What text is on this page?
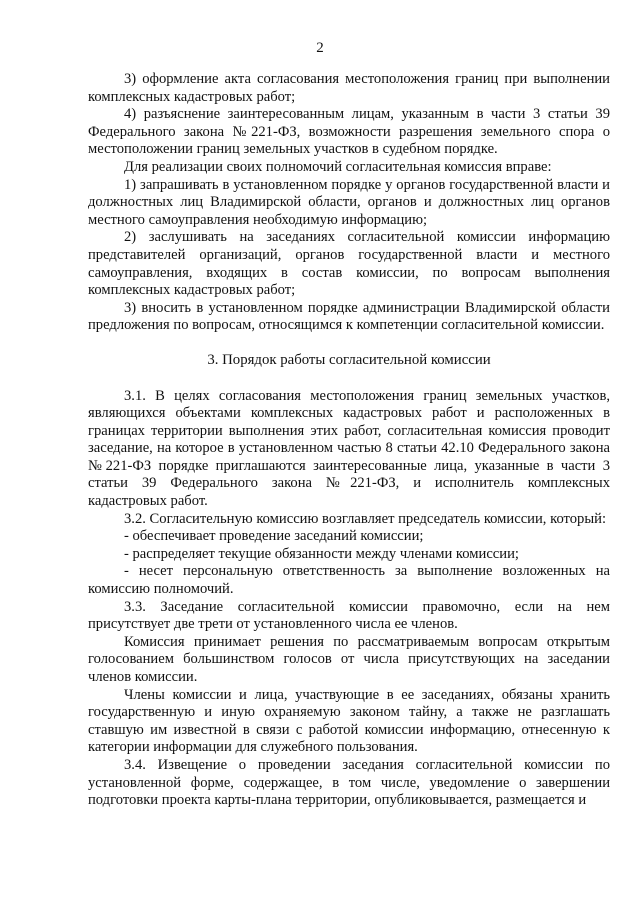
2

3) оформление акта согласования местоположения границ при выполнении комплексных кадастровых работ;

4) разъяснение заинтересованным лицам, указанным в части 3 статьи 39 Федерального закона №221-ФЗ, возможности разрешения земельного спора о местоположении границ земельных участков в судебном порядке.

Для реализации своих полномочий согласительная комиссия вправе:

1) запрашивать в установленном порядке у органов государственной власти и должностных лиц Владимирской области, органов и должностных лиц органов местного самоуправления необходимую информацию;

2) заслушивать на заседаниях согласительной комиссии информацию представителей организаций, органов государственной власти и местного самоуправления, входящих в состав комиссии, по вопросам выполнения комплексных кадастровых работ;

3) вносить в установленном порядке администрации Владимирской области предложения по вопросам, относящимся к компетенции согласительной комиссии.

3. Порядок работы согласительной комиссии

3.1. В целях согласования местоположения границ земельных участков, являющихся объектами комплексных кадастровых работ и расположенных в границах территории выполнения этих работ, согласительная комиссия проводит заседание, на которое в установленном частью 8 статьи 42.10 Федерального закона №221-ФЗ порядке приглашаются заинтересованные лица, указанные в части 3 статьи 39 Федерального закона №221-ФЗ, и исполнитель комплексных кадастровых работ.

3.2. Согласительную комиссию возглавляет председатель комиссии, который:

- обеспечивает проведение заседаний комиссии;

- распределяет текущие обязанности между членами комиссии;

- несет персональную ответственность за выполнение возложенных на комиссию полномочий.

3.3. Заседание согласительной комиссии правомочно, если на нем присутствует две трети от установленного числа ее членов.

Комиссия принимает решения по рассматриваемым вопросам открытым голосованием большинством голосов от числа присутствующих на заседании членов комиссии.

Члены комиссии и лица, участвующие в ее заседаниях, обязаны хранить государственную и иную охраняемую законом тайну, а также не разглашать ставшую им известной в связи с работой комиссии информацию, отнесенную к категории информации для служебного пользования.

3.4. Извещение о проведении заседания согласительной комиссии по установленной форме, содержащее, в том числе, уведомление о завершении подготовки проекта карты-плана территории, опубликовывается, размещается и
